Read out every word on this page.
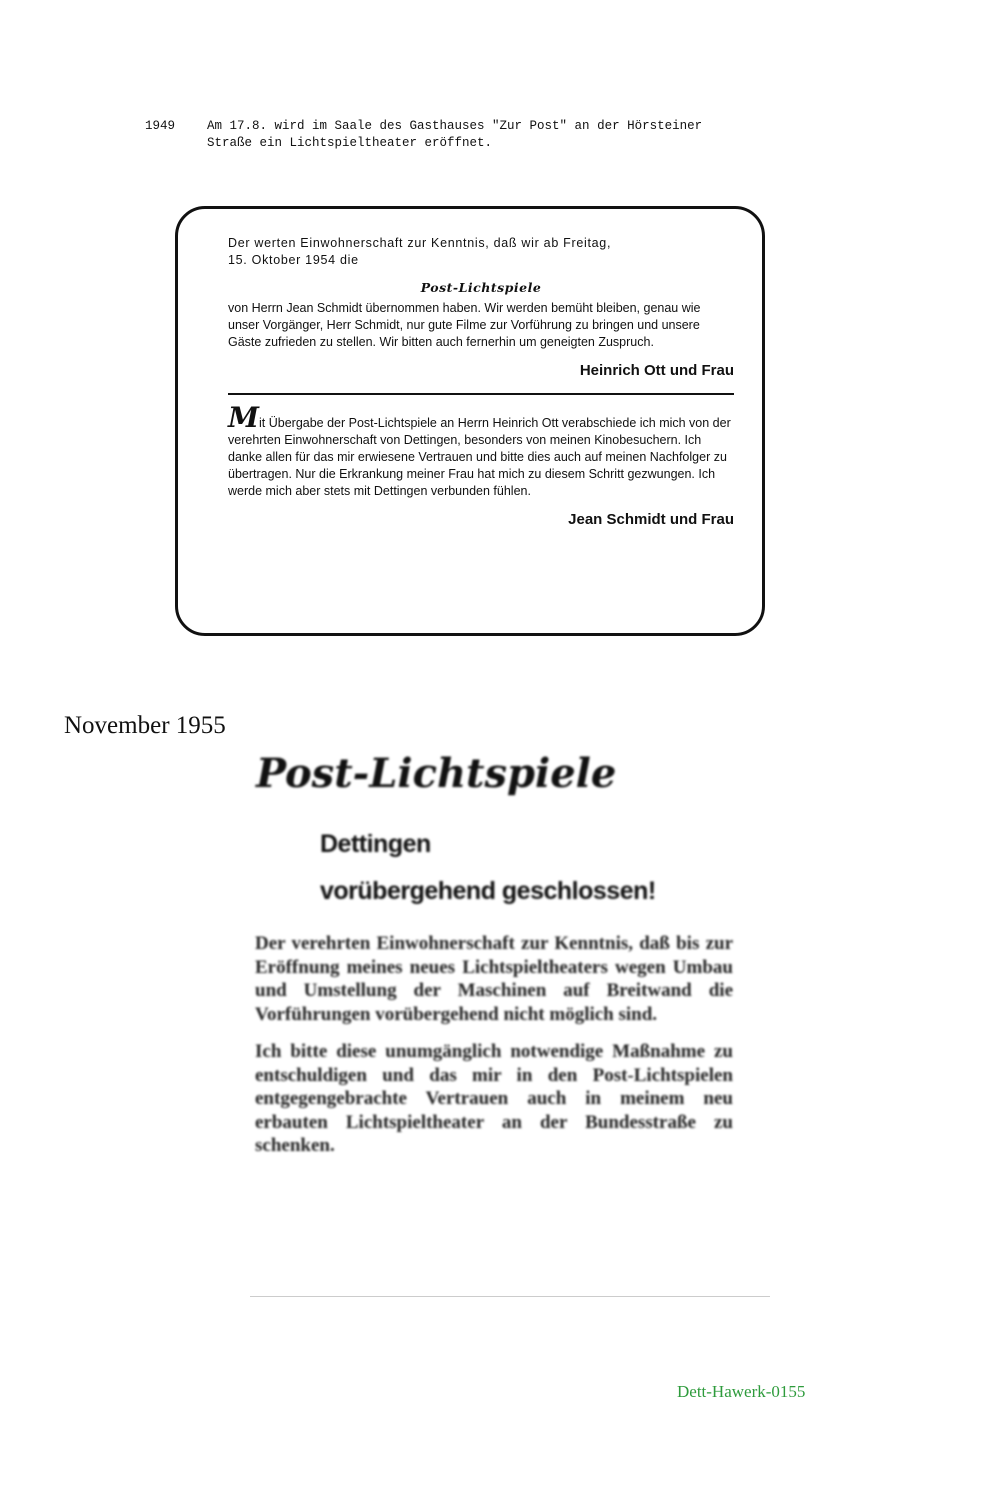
1949	Am 17.8. wird im Saale des Gasthauses "Zur Post" an der Hörsteiner
Straße ein Lichtspieltheater eröffnet.

Der werten Einwohnerschaft zur Kenntnis, daß wir ab Freitag,

15. Oktober 1954 die

Post-Lichtspiele

von Herrn Jean Schmidt übernommen haben. Wir werden bemüht bleiben, genau wie unser Vorgänger, Herr Schmidt, nur gute Filme zur Vorführung zu bringen und unsere Gäste zufrieden zu stellen. Wir bitten auch fernerhin um geneigten Zuspruch.

Heinrich Ott und Frau

Mit Übergabe der Post-Lichtspiele an Herrn Heinrich Ott verabschiede ich mich von der verehrten Einwohnerschaft von Dettingen, besonders von meinen Kinobesuchern. Ich danke allen für das mir erwiesene Vertrauen und bitte dies auch auf meinen Nachfolger zu übertragen. Nur die Erkrankung meiner Frau hat mich zu diesem Schritt gezwungen. Ich werde mich aber stets mit Dettingen verbunden fühlen.

Jean Schmidt und Frau

November 1955
Post-Lichtspiele
Dettingen
vorübergehend geschlossen!

Der verehrten Einwohnerschaft zur Kenntnis, daß bis zur Eröffnung meines neues Lichtspieltheaters wegen Umbau und Umstellung der Maschinen auf Breitwand die Vorführungen vorübergehend nicht möglich sind.

Ich bitte diese unumgänglich notwendige Maßnahme zu entschuldigen und das mir in den Post-Lichtspielen entgegengebrachte Vertrauen auch in meinem neu erbauten Lichtspieltheater an der Bundesstraße zu schenken.

Dett-Hawerk-0155
